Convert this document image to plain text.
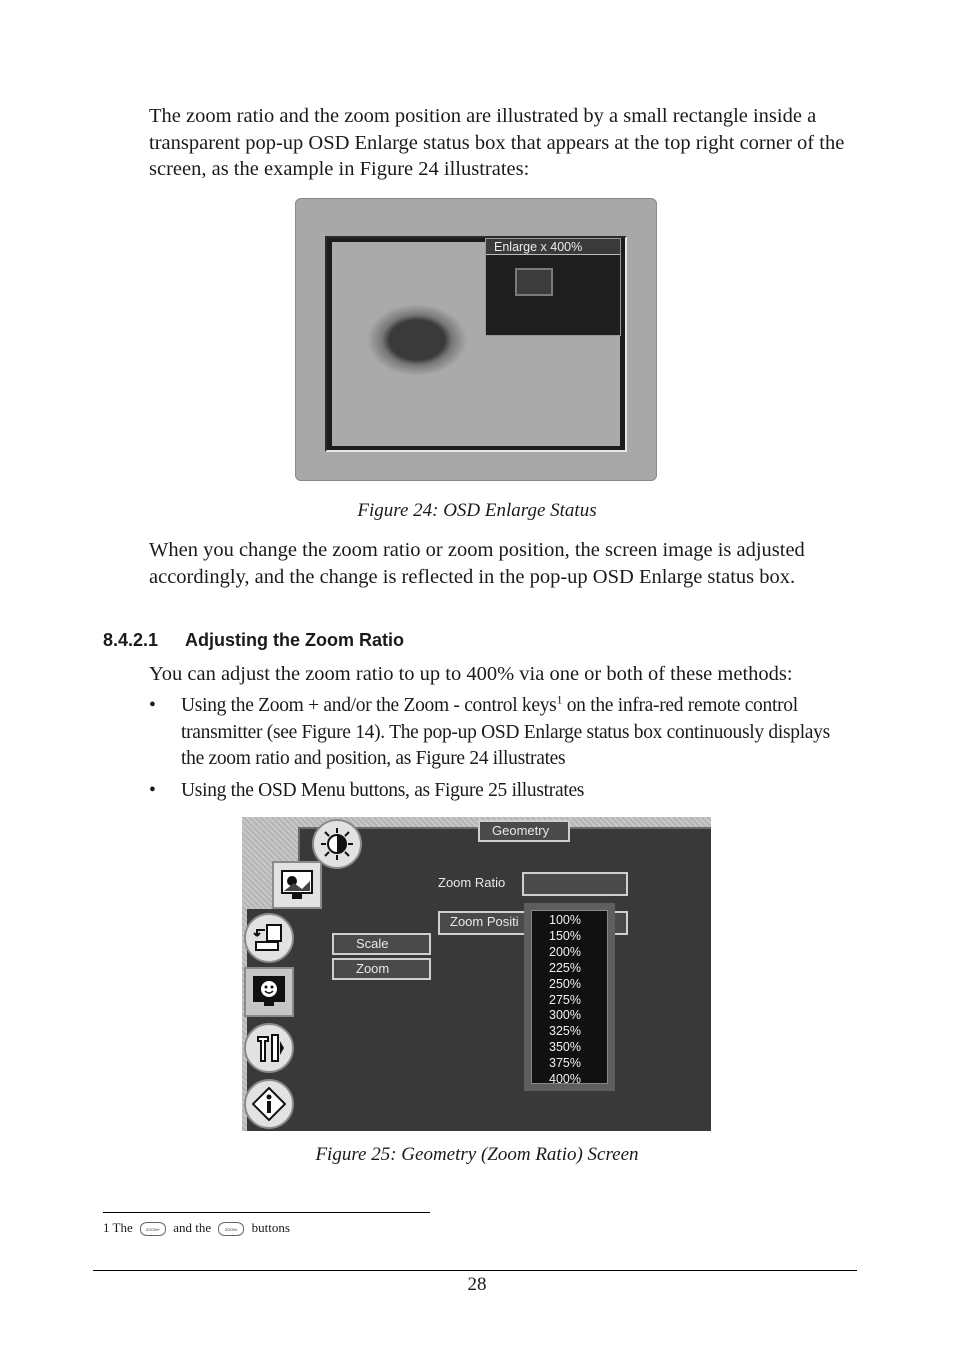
The zoom ratio and the zoom position are illustrated by a small rectangle inside a transparent pop-up OSD Enlarge status box that appears at the top right corner of the screen, as the example in Figure 24 illustrates:

Enlarge x 400%
Figure 24: OSD Enlarge Status

When you change the zoom ratio or zoom position, the screen image is adjusted accordingly, and the change is reflected in the pop-up OSD Enlarge status box.

8.4.2.1 Adjusting the Zoom Ratio

You can adjust the zoom ratio to up to 400% via one or both of these methods:

• Using the Zoom + and/or the Zoom - control keys$^1$ on the infra-red remote control transmitter (see Figure 14). The pop-up OSD Enlarge status box continuously displays the zoom ratio and position, as Figure 24 illustrates
• Using the OSD Menu buttons, as Figure 25 illustrates
Geometry
Zoom Ratio
Zoom Positi
Scale
Zoom
100%
150%
200%
225%
250%
275%
300%
325%
350%
375%
400%
Figure 25: Geometry (Zoom Ratio) Screen
1 The	ZOOM+ and the	ZOOM- buttons
28
